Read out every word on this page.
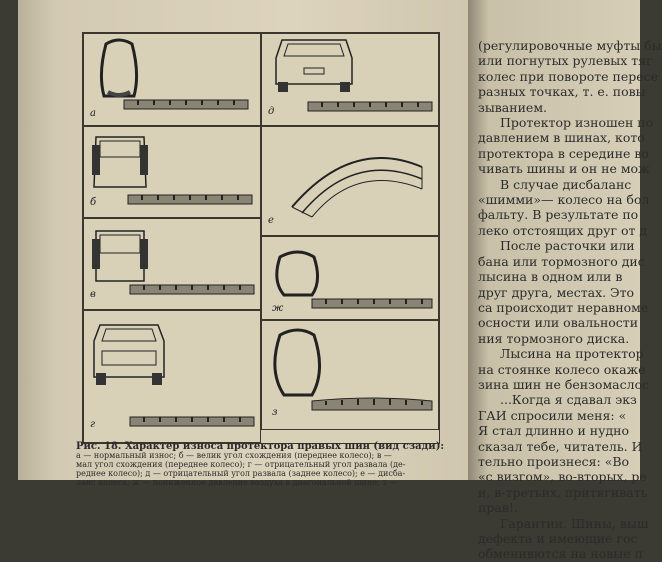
а
б
в
г
д
е
ж
з
Рис. 18. Характер износа протектора правых шин (вид сзади):
а — нормальный износ; б — велик угол схождения (переднее колесо); в —
мал угол схождения (переднее колесо); г — отрицательный угол развала (де-
реднее колесо); д — отрицательный угол развала (заднее колесо); е — дисба-
ланс колеса; ж — пониженное давление воздуха в диагональной шине; з —

(регулировочные муфты бы

или погнутых рулевых тяг

колес при повороте пересе

разных точках, т. е. повы

зыванием.

Протектор изношен по

давлением в шинах, кото

протектора в середине во

чивать шины и он не мож

В случае дисбаланс

«шимми»— колесо на бол

фальту. В результате по

леко отстоящих друг от д

После расточки или

бана или тормозного дис

лысина в одном или в

друг друга, местах. Это

са происходит неравноме

осности или овальности

ния тормозного диска.

Лысина на протектор

на стоянке колесо окаже

зина шин не бензомаслос

...Когда я сдавал экз

ГАИ спросили меня: «

Я стал длинно и нудно

сказал тебе, читатель. И

тельно произнеся: «Во

«с визгом», во-вторых, ре

и, в-третьих, притягивать

прав!.

Гарантии. Шины, выш

дефекта и имеющие гос

обменивются на новые п
